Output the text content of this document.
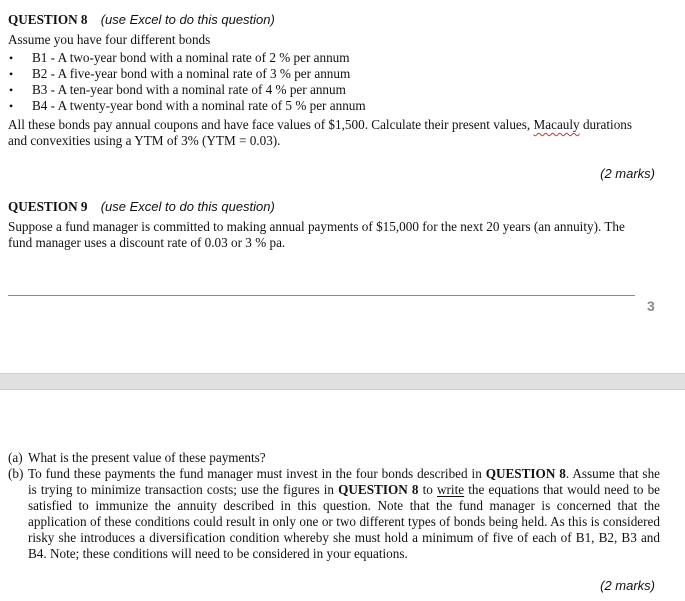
QUESTION 8 (use Excel to do this question)
Assume you have four different bonds
• B1 - A two-year bond with a nominal rate of 2 % per annum
• B2 - A five-year bond with a nominal rate of 3 % per annum
• B3 - A ten-year bond with a nominal rate of 4 % per annum
• B4 - A twenty-year bond with a nominal rate of 5 % per annum
All these bonds pay annual coupons and have face values of $1,500. Calculate their present values, Macauly durations
and convexities using a YTM of 3% (YTM = 0.03).
(2 marks)
QUESTION 9 (use Excel to do this question)
Suppose a fund manager is committed to making annual payments of $15,000 for the next 20 years (an annuity). The
fund manager uses a discount rate of 0.03 or 3 % pa.
3
(a) What is the present value of these payments?
(b) To fund these payments the fund manager must invest in the four bonds described in QUESTION 8. Assume that she is trying to minimize transaction costs; use the figures in QUESTION 8 to write the equations that would need to be satisfied to immunize the annuity described in this question. Note that the fund manager is concerned that the application of these conditions could result in only one or two different types of bonds being held. As this is considered risky she introduces a diversification condition whereby she must hold a minimum of five of each of B1, B2, B3 and B4. Note; these conditions will need to be considered in your equations.
(2 marks)
